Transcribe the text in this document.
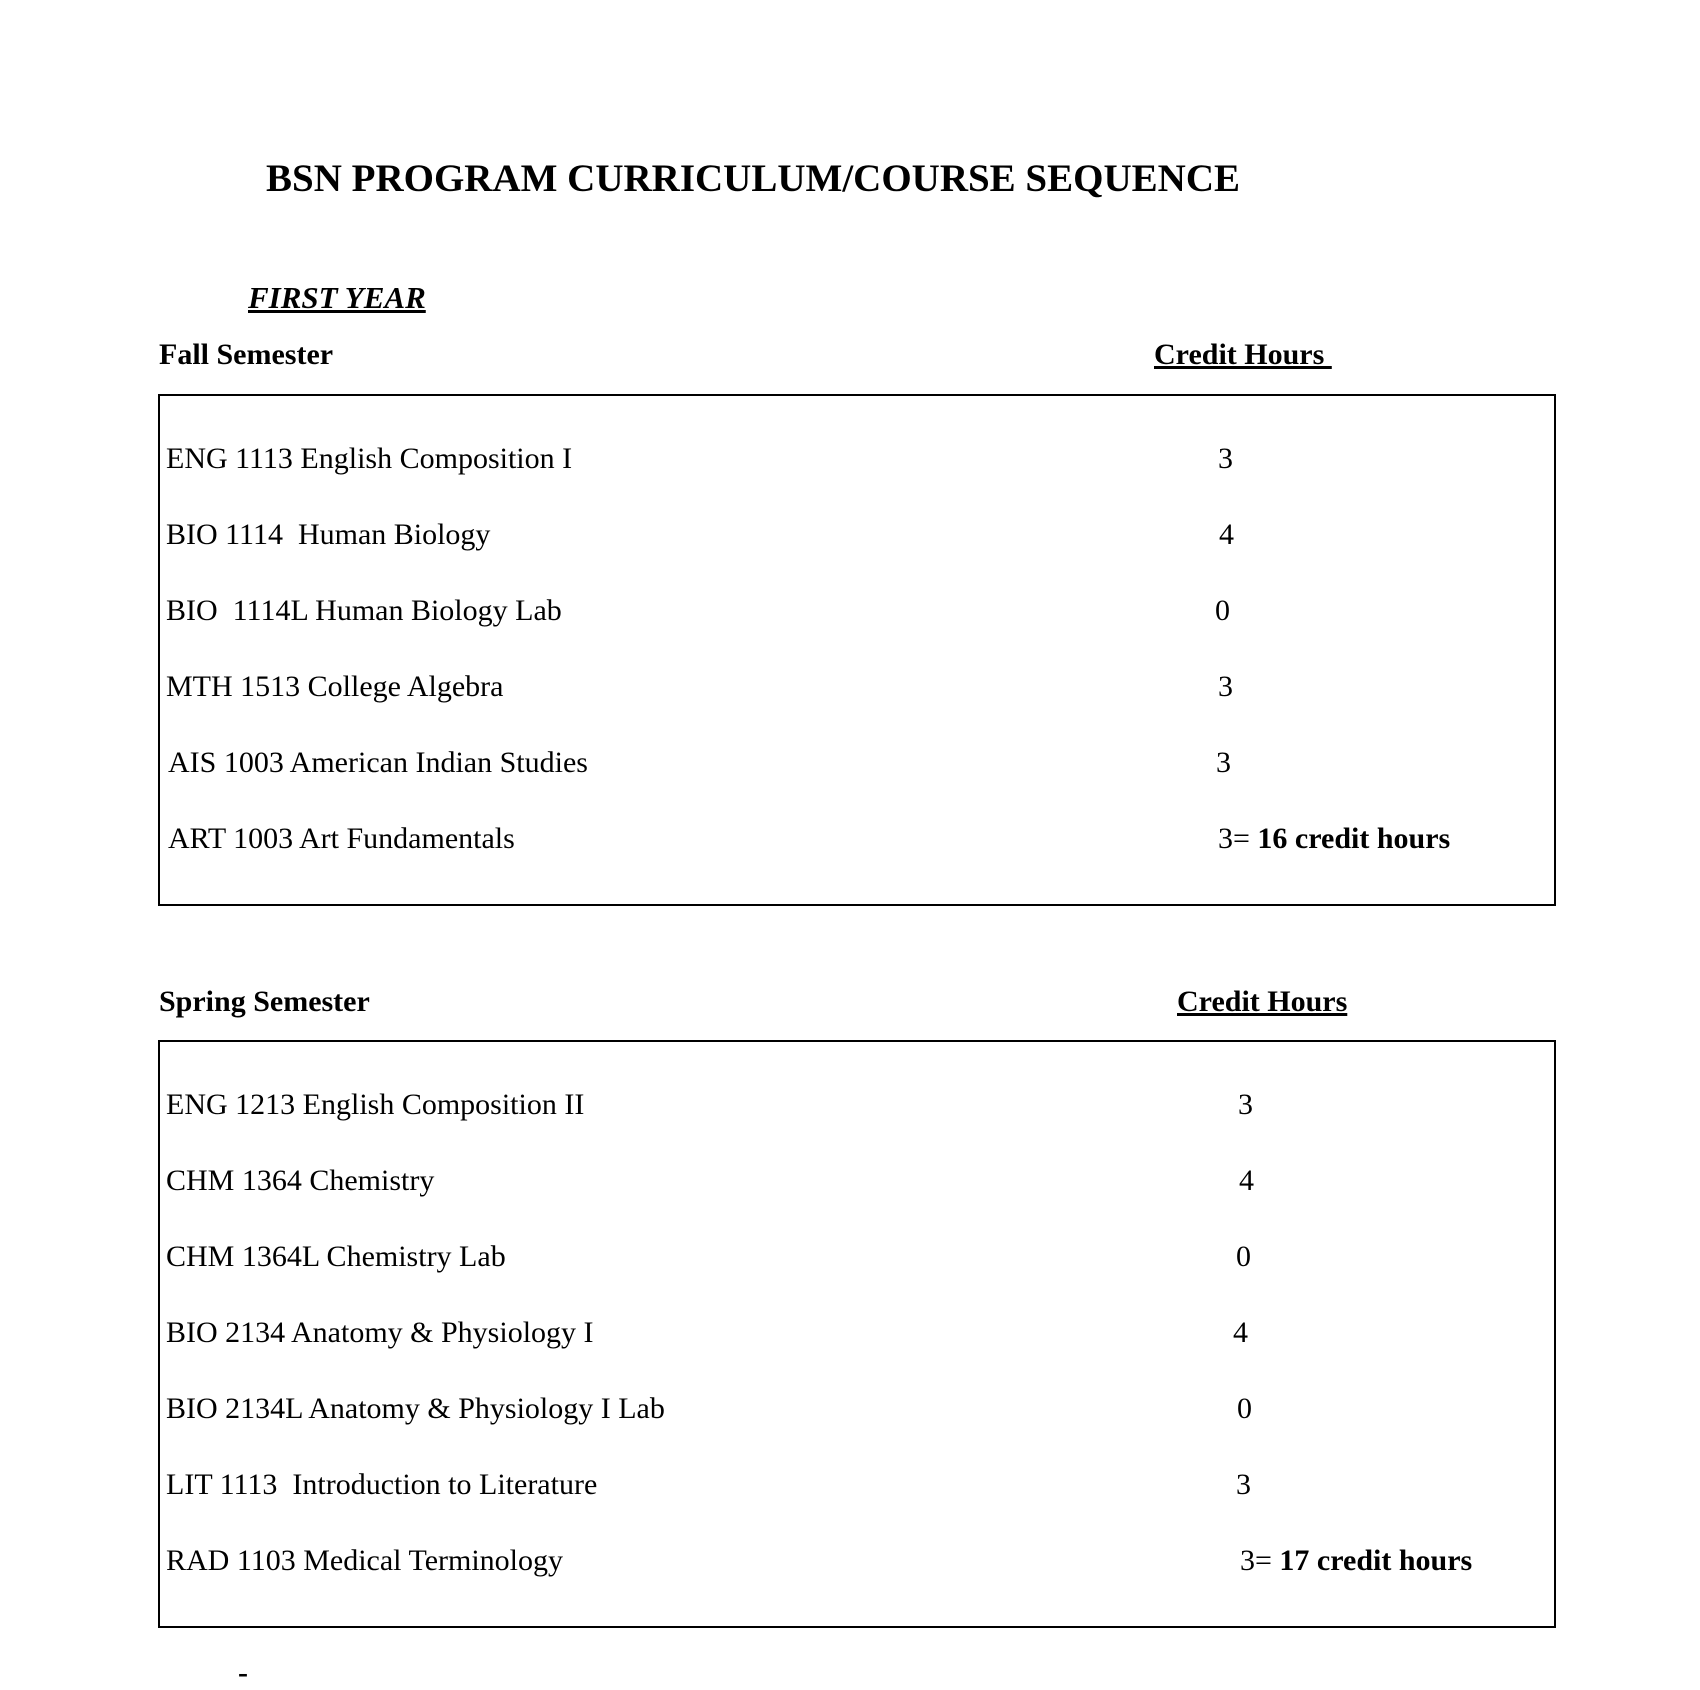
BSN PROGRAM CURRICULUM/COURSE SEQUENCE
FIRST YEAR
Fall Semester	Credit Hours
ENG 1113 English Composition I	3
BIO 1114  Human Biology	4
BIO  1114L Human Biology Lab	0
MTH 1513 College Algebra	3
AIS 1003 American Indian Studies	3
ART 1003 Art Fundamentals	3= 16 credit hours
Spring Semester	Credit Hours
ENG 1213 English Composition II	3
CHM 1364 Chemistry	4
CHM 1364L Chemistry Lab	0
BIO 2134 Anatomy & Physiology I	4
BIO 2134L Anatomy & Physiology I Lab	0
LIT 1113  Introduction to Literature	3
RAD 1103 Medical Terminology	3= 17 credit hours
-
